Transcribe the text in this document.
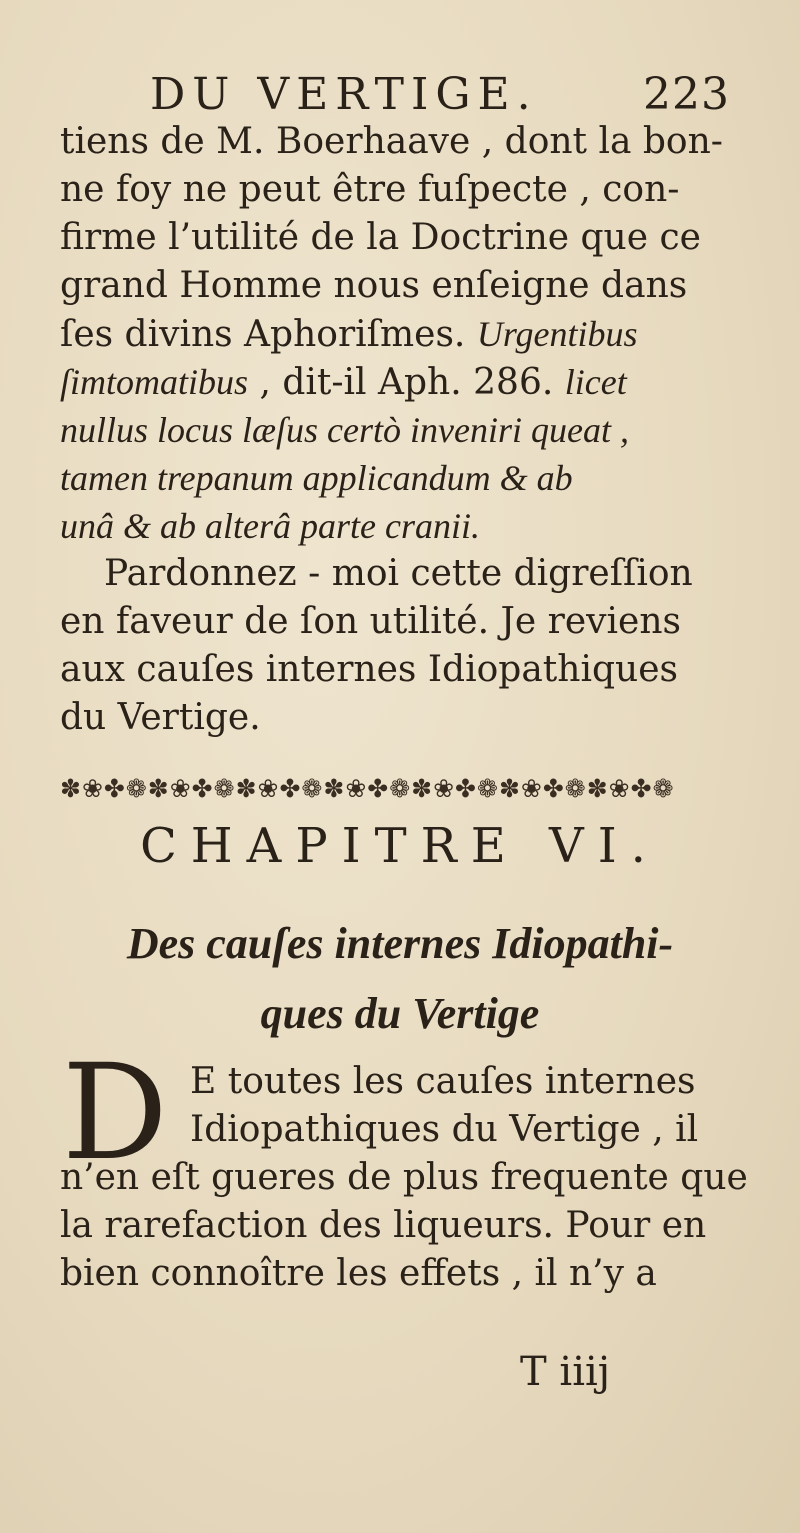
DU VERTIGE. 223
tiens de M. Boerhaave , dont la bon-
ne foy ne peut être fuſpecte , con-
firme l’utilité de la Doctrine que ce
grand Homme nous enſeigne dans
ſes divins Aphoriſmes. Urgentibus
ſimtomatibus , dit-il Aph. 286. licet
nullus locus læſus certò inveniri queat ,
tamen trepanum applicandum & ab
unâ & ab alterâ parte cranii.
Pardonnez - moi cette digreſſion
en faveur de ſon utilité. Je reviens
aux cauſes internes Idiopathiques
du Vertige.
✽❀✤❁✽❀✤❁✽❀✤❁✽❀✤❁✽❀✤❁✽❀✤❁✽❀✤❁
CHAPITRE VI.
Des cauſes internes Idiopathi-
ques du Vertige
D E toutes les cauſes internes
Idiopathiques du Vertige , il
n’en eſt gueres de plus frequente que
la rarefaction des liqueurs. Pour en
bien connoître les effets , il n’y a
T iiij
